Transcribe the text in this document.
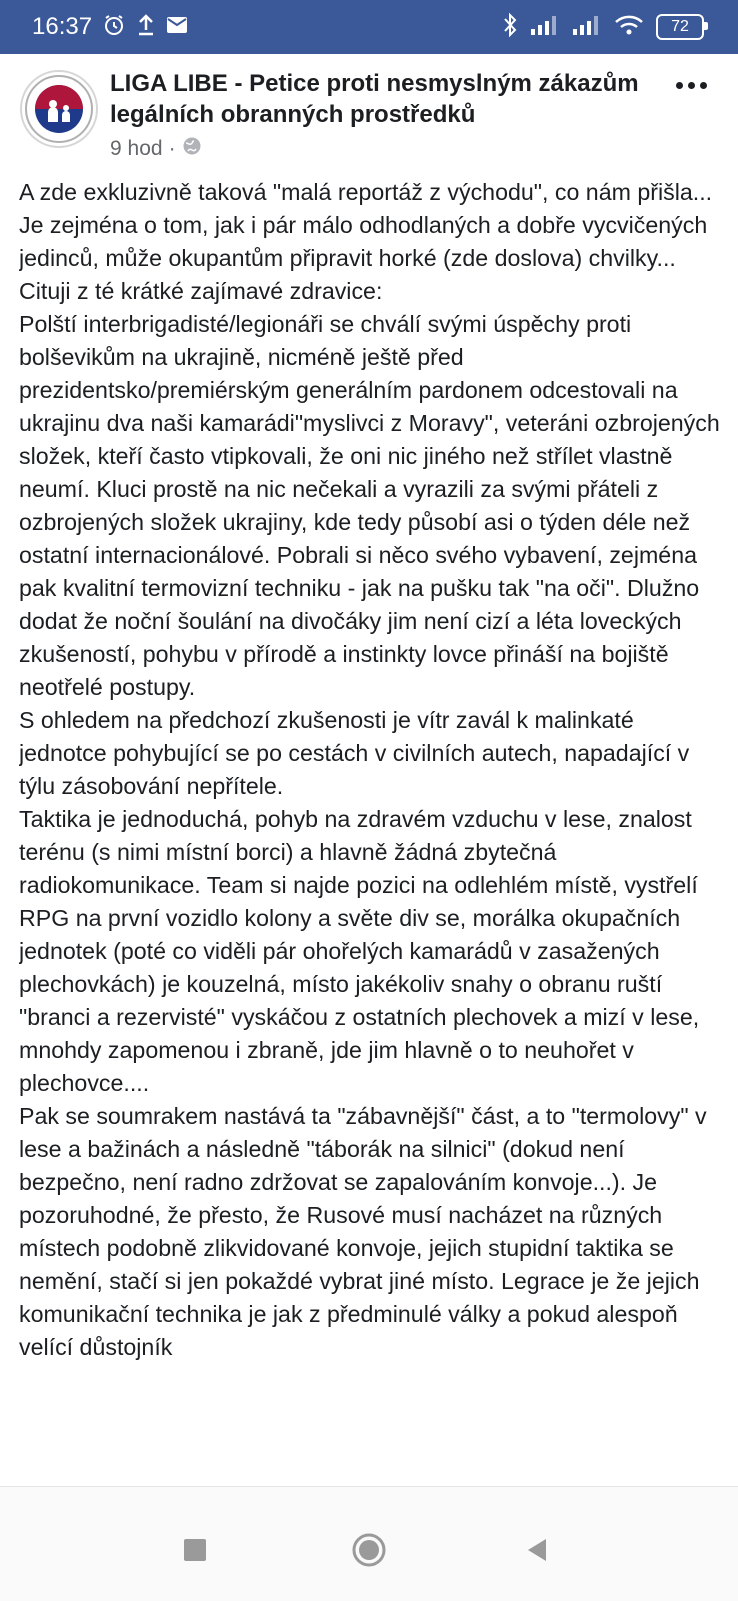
16:37	72
LIGA LIBE - Petice proti nesmyslným zákazům legálních obranných prostředků
9 hod ·

A zde exkluzivně taková "malá reportáž z východu", co nám přišla...

Je zejména o tom, jak i pár málo odhodlaných a dobře vycvičených jedinců, může okupantům připravit horké (zde doslova) chvilky...

Cituji z té krátké zajímavé zdravice:

Polští interbrigadisté/legionáři se chválí svými úspěchy proti bolševikům na ukrajině, nicméně ještě před prezidentsko/premiérským generálním pardonem odcestovali na ukrajinu dva naši kamarádi"myslivci z Moravy", veteráni ozbrojených složek, kteří často vtipkovali, že oni nic jiného než střílet vlastně neumí. Kluci prostě na nic nečekali a vyrazili za svými přáteli z ozbrojených složek ukrajiny, kde tedy působí asi o týden déle než ostatní internacionálové. Pobrali si něco svého vybavení, zejména pak kvalitní termovizní techniku - jak na pušku tak "na oči". Dlužno dodat že noční šoulání na divočáky jim není cizí a léta loveckých zkušeností, pohybu v přírodě a instinkty lovce přináší na bojiště neotřelé postupy.

S ohledem na předchozí zkušenosti je vítr zavál k malinkaté jednotce pohybující se po cestách v civilních autech, napadající v týlu zásobování nepřítele.

Taktika je jednoduchá, pohyb na zdravém vzduchu v lese, znalost terénu (s nimi místní borci) a hlavně žádná zbytečná radiokomunikace. Team si najde pozici na odlehlém místě, vystřelí RPG na první vozidlo kolony a světe div se, morálka okupačních jednotek (poté co viděli pár ohořelých kamarádů v zasažených plechovkách) je kouzelná, místo jakékoliv snahy o obranu ruští "branci a rezervisté" vyskáčou z ostatních plechovek a mizí v lese, mnohdy zapomenou i zbraně, jde jim hlavně o to neuhořet v plechovce....

Pak se soumrakem nastává ta "zábavnější" část, a to "termolovy" v lese a bažinách a následně "táborák na silnici" (dokud není bezpečno, není radno zdržovat se zapalováním konvoje...). Je pozoruhodné, že přesto, že Rusové musí nacházet na různých místech podobně zlikvidované konvoje, jejich stupidní taktika se nemění, stačí si jen pokaždé vybrat jiné místo. Legrace je že jejich komunikační technika je jak z předminulé války a pokud alespoň velící důstojník
